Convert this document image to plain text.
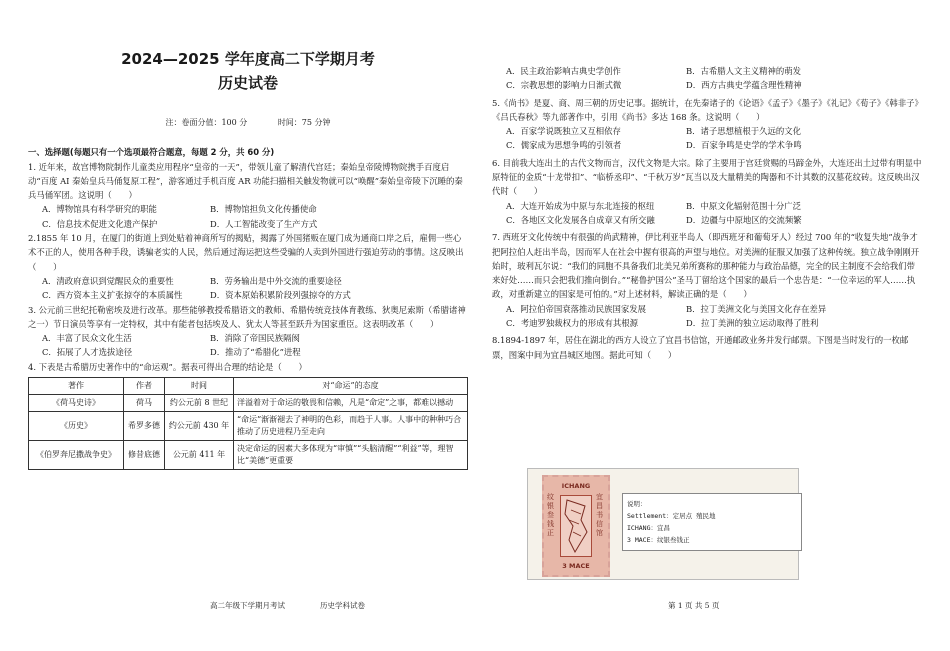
2024—2025 学年度高二下学期月考
历史试卷
注：卷面分值：100 分	时间：75 分钟
一、选择题(每题只有一个选项最符合题意，每题 2 分，共 60 分)

1. 近年来，故宫博物院制作儿童类应用程序“皇帝的一天”，带领儿童了解清代宫廷；秦始皇帝陵博物院携手百度启动“百度 AI 秦始皇兵马俑复原工程”，游客通过手机百度 AR 功能扫描相关触发物就可以“唤醒”秦始皇帝陵下沉睡的秦兵马俑军团。这说明（　　）

A．博物馆具有科学研究的职能	B．博物馆担负文化传播使命
C．信息技术促进文化遗产保护	D．人工智能改变了生产方式

2.1855 年 10 月，在厦门的街道上到处贴着神商所写的揭贴，揭露了外国猪贩在厦门成为通商口岸之后，雇佣一些心术不正的人，使用各种手段，诱骗老实的人民，然后通过海运把这些受骗的人卖到外国进行强迫劳动的事情。这反映出（　　）

A．清政府意识到觉醒民众的重要性	B．劳务输出是中外交流的重要途径
C．西方资本主义扩张掠夺的本质属性	D．资本原始积累阶段列强掠夺的方式

3. 公元前三世纪托勒密埃及进行改革。那些能够教授希腊语文的教师、希腊传统竞技体育教练、狄奥尼索斯（希腊诸神之一）节日演员等享有一定特权，其中有能者包括埃及人、犹太人等甚至跃升为国家重臣。这表明改革（　　）

A．丰富了民众文化生活	B．消除了帝国民族隔阂
C．拓展了人才选拔途径	D．推动了“希腊化”进程

4. 下表是古希腊历史著作中的“命运观”。据表可得出合理的结论是（　　）

著作	作者	时间	对“命运”的态度
《荷马史诗》	荷马	约公元前 8 世纪	洋溢着对于命运的敬畏和信赖，凡是“命定”之事，都难以撼动
《历史》	希罗多德	约公元前 430 年	“命运”渐渐褪去了神明的色彩，而趋于人事。人事中的种种巧合推动了历史进程乃至走向
《伯罗奔尼撒战争史》	修昔底德	公元前 411 年	决定命运的因素大多体现为“审慎”“头脑清醒”“利益”等，理智比“美德”更重要
A．民主政治影响古典史学创作	B．古希腊人文主义精神的萌发
C．宗教思想的影响力日渐式微	D．西方古典史学蕴含理性精神

5.《尚书》是夏、商、周三朝的历史记事。据统计，在先秦诸子的《论语》《孟子》《墨子》《礼记》《荀子》《韩非子》《吕氏春秋》等九部著作中，引用《尚书》多达 168 条。这说明（　　）

A．百家学说既独立又互相依存	B．诸子思想植根于久远的文化
C．儒家成为思想争鸣的引领者	D．百家争鸣是史学的学术争鸣

6. 目前我大连出土的古代文物而言，汉代文物是大宗。除了主要用于宫廷赏赐的马蹄金外，大连还出土过带有明显中原特征的金质“十龙带扣”、“临桥丞印”、“千秋万岁”瓦当以及大量精美的陶器和不计其数的汉墓花纹砖。这反映出汉代时（　　）

A．大连开始成为中原与东北连接的枢纽	B．中原文化辐射范围十分广泛
C．各地区文化发展各自成章又有所交融	D．边疆与中原地区的交流频繁

7. 西班牙文化传统中有很强的尚武精神，伊比利亚半岛人（即西班牙和葡萄牙人）经过 700 年的“收复失地”战争才把阿拉伯人赶出半岛，因而军人在社会中握有很高的声望与地位。对美洲的征服又加强了这种传统。独立战争刚刚开始时，玻利瓦尔说：“我们的同胞不具备我们北美兄弟所赛称的那种能力与政治品德，完全的民主制度不会给我们带来好处……而只会把我们推向倒台。”“秘鲁护国公”圣马丁留给这个国家的最后一个忠告是：“一位幸运的军人……执政，对重新建立的国家是可怕的。”对上述材料，解读正确的是（　　）

A．阿拉伯帝国衰落推动民族国家发展	B．拉丁美洲文化与美国文化存在差异
C．考迪罗独裁权力的形成有其根源	D．拉丁美洲的独立运动取得了胜利

8.1894-1897 年，居住在湖北的西方人设立了宜昌书信馆，开通邮政业务并发行邮票。下图是当时发行的一枚邮票，图案中间为宜昌城区地图。据此可知（　　）

ICHANG
纹银叁钱正
宜昌书信馆
3 MACE
说明：
Settlement：定居点 殖民地
ICHANG：宜昌
3 MACE：纹银叁钱正
高二年级下学期月考试	历史学科试卷	第 1 页 共 5 页
